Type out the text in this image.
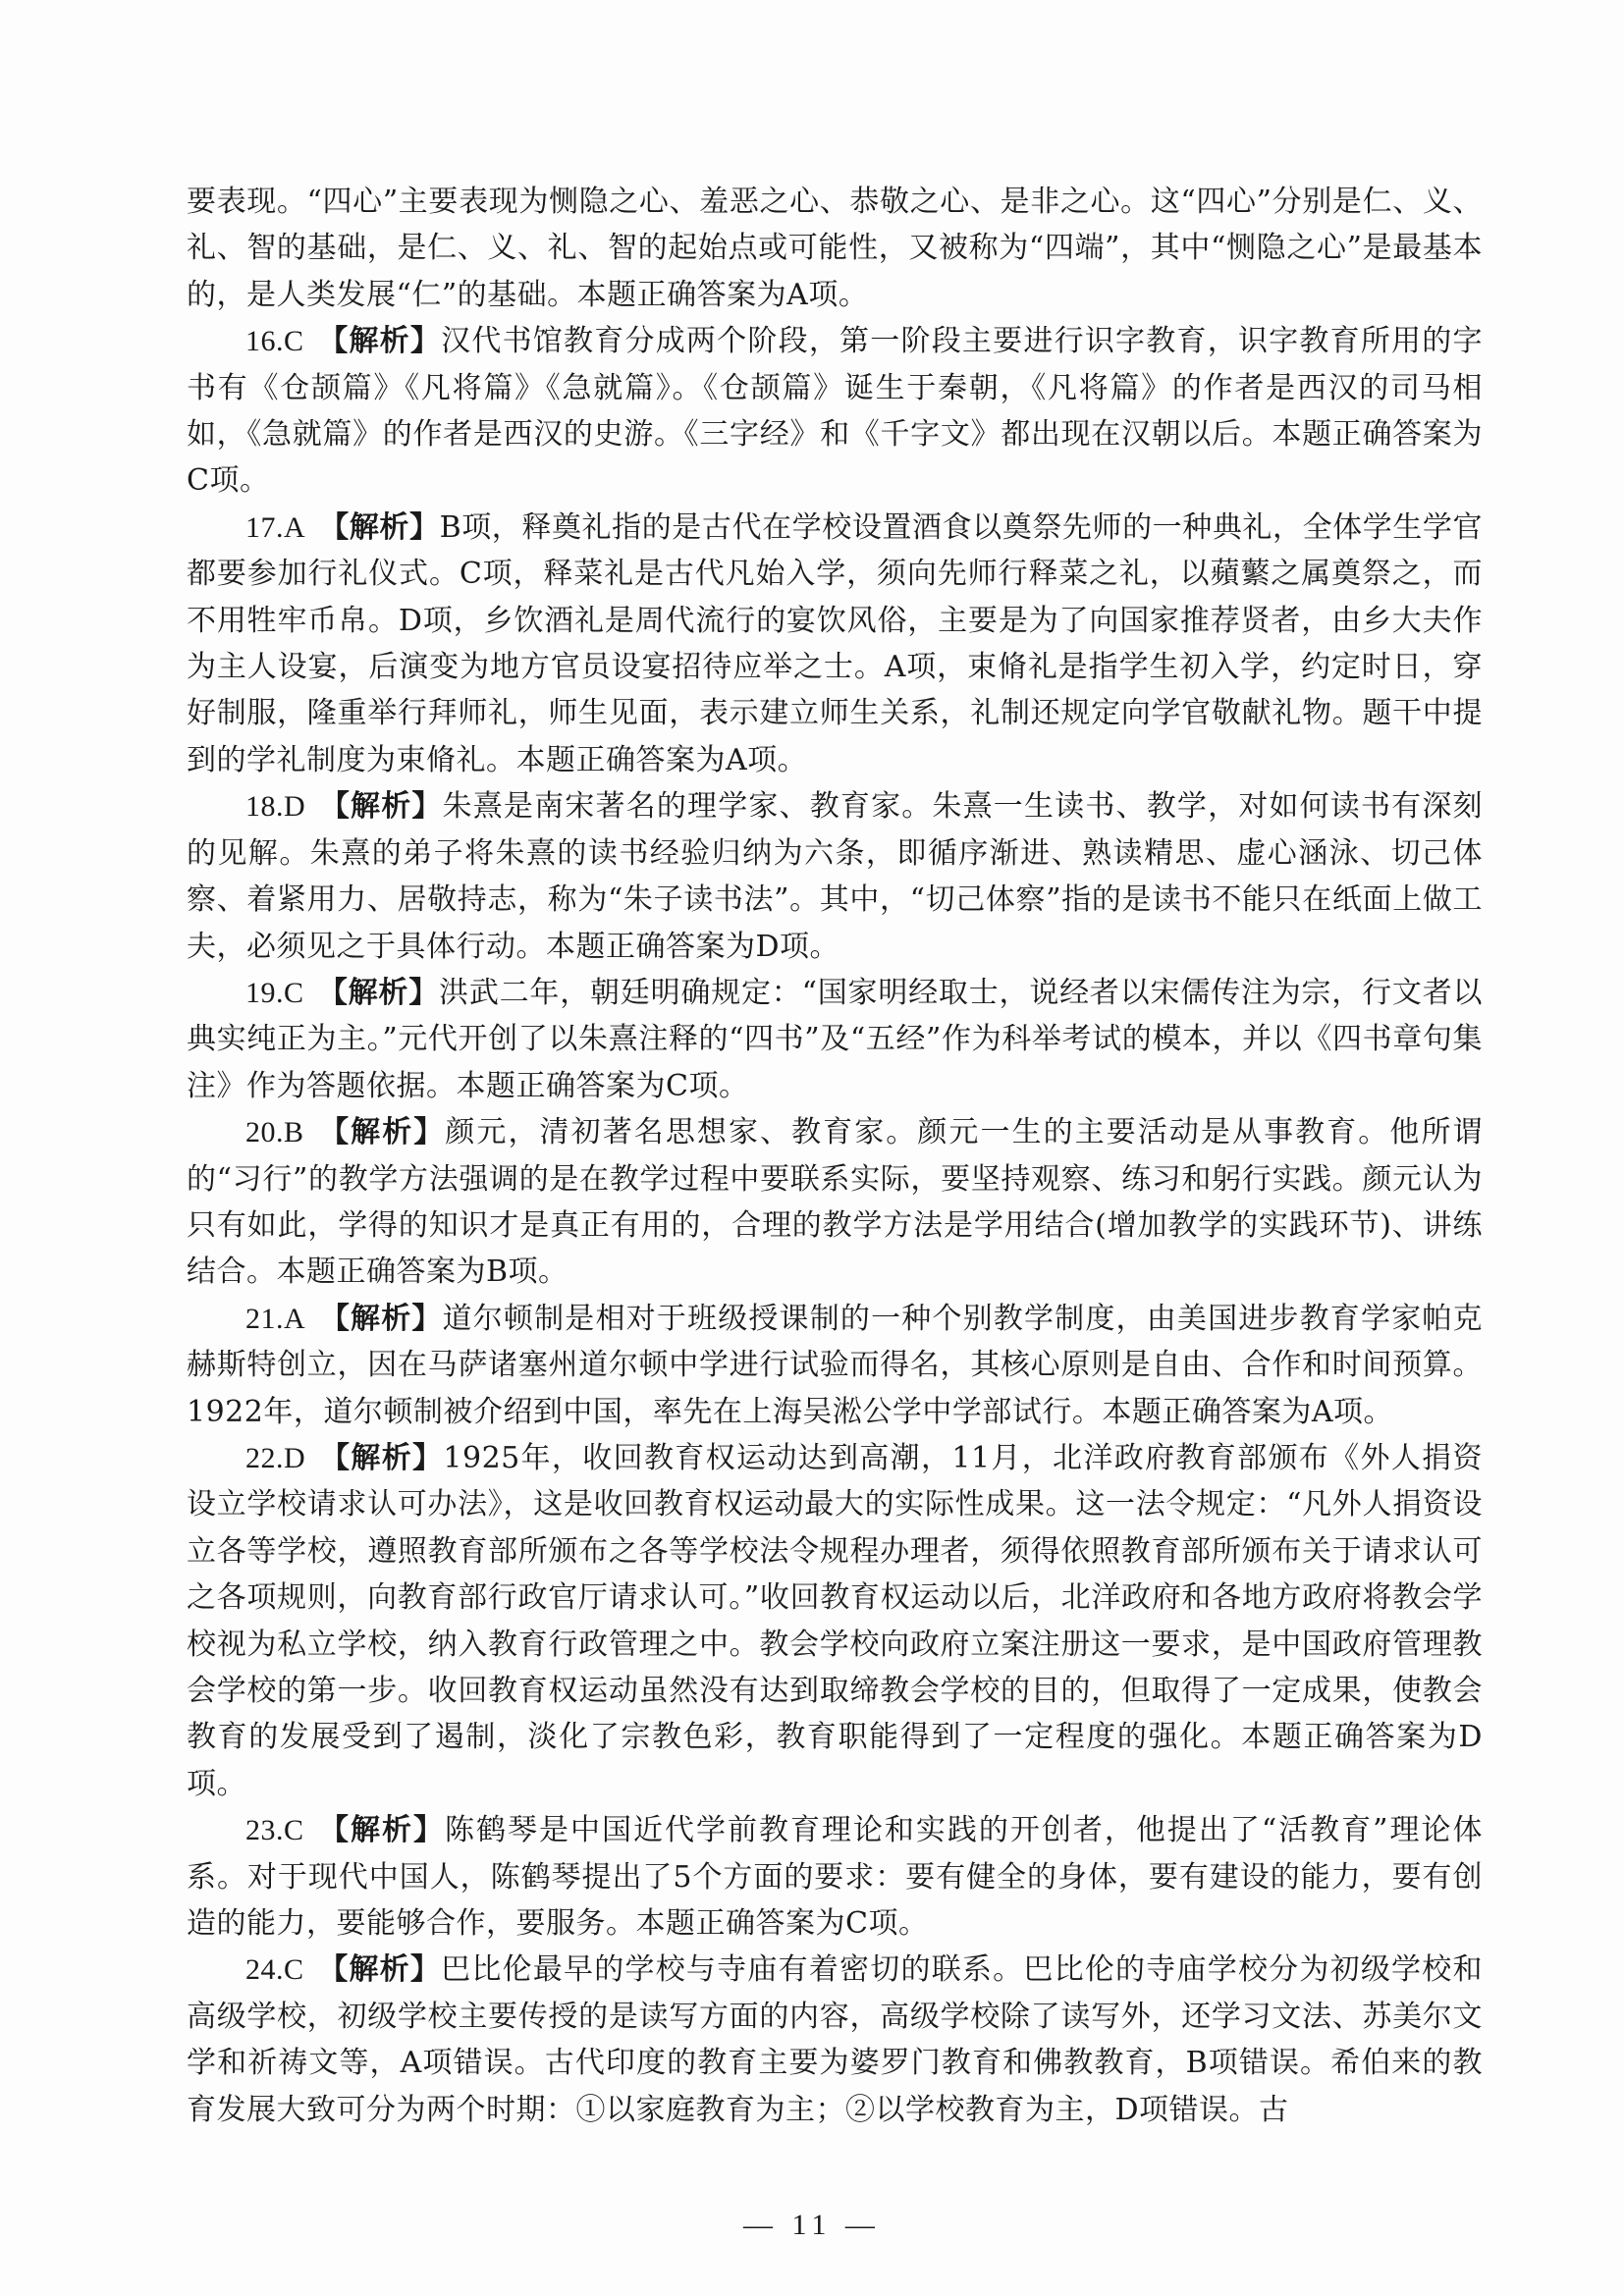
要表现。“四心”主要表现为恻隐之心、羞恶之心、恭敬之心、是非之心。这“四心”分别是仁、义、礼、智的基础，是仁、义、礼、智的起始点或可能性，又被称为“四端”，其中“恻隐之心”是最基本的，是人类发展“仁”的基础。本题正确答案为A项。

16.C 【解析】汉代书馆教育分成两个阶段，第一阶段主要进行识字教育，识字教育所用的字书有《仓颉篇》《凡将篇》《急就篇》。《仓颉篇》诞生于秦朝，《凡将篇》的作者是西汉的司马相如，《急就篇》的作者是西汉的史游。《三字经》和《千字文》都出现在汉朝以后。本题正确答案为C项。

17.A 【解析】B项，释奠礼指的是古代在学校设置酒食以奠祭先师的一种典礼，全体学生学官都要参加行礼仪式。C项，释菜礼是古代凡始入学，须向先师行释菜之礼，以蘋蘩之属奠祭之，而不用牲牢币帛。D项，乡饮酒礼是周代流行的宴饮风俗，主要是为了向国家推荐贤者，由乡大夫作为主人设宴，后演变为地方官员设宴招待应举之士。A项，束脩礼是指学生初入学，约定时日，穿好制服，隆重举行拜师礼，师生见面，表示建立师生关系，礼制还规定向学官敬献礼物。题干中提到的学礼制度为束脩礼。本题正确答案为A项。

18.D 【解析】朱熹是南宋著名的理学家、教育家。朱熹一生读书、教学，对如何读书有深刻的见解。朱熹的弟子将朱熹的读书经验归纳为六条，即循序渐进、熟读精思、虚心涵泳、切己体察、着紧用力、居敬持志，称为“朱子读书法”。其中，“切己体察”指的是读书不能只在纸面上做工夫，必须见之于具体行动。本题正确答案为D项。

19.C 【解析】洪武二年，朝廷明确规定：“国家明经取士，说经者以宋儒传注为宗，行文者以典实纯正为主。”元代开创了以朱熹注释的“四书”及“五经”作为科举考试的模本，并以《四书章句集注》作为答题依据。本题正确答案为C项。

20.B 【解析】颜元，清初著名思想家、教育家。颜元一生的主要活动是从事教育。他所谓的“习行”的教学方法强调的是在教学过程中要联系实际，要坚持观察、练习和躬行实践。颜元认为只有如此，学得的知识才是真正有用的，合理的教学方法是学用结合(增加教学的实践环节)、讲练结合。本题正确答案为B项。

21.A 【解析】道尔顿制是相对于班级授课制的一种个别教学制度，由美国进步教育学家帕克赫斯特创立，因在马萨诸塞州道尔顿中学进行试验而得名，其核心原则是自由、合作和时间预算。1922年，道尔顿制被介绍到中国，率先在上海吴淞公学中学部试行。本题正确答案为A项。

22.D 【解析】1925年，收回教育权运动达到高潮，11月，北洋政府教育部颁布《外人捐资设立学校请求认可办法》，这是收回教育权运动最大的实际性成果。这一法令规定：“凡外人捐资设立各等学校，遵照教育部所颁布之各等学校法令规程办理者，须得依照教育部所颁布关于请求认可之各项规则，向教育部行政官厅请求认可。”收回教育权运动以后，北洋政府和各地方政府将教会学校视为私立学校，纳入教育行政管理之中。教会学校向政府立案注册这一要求，是中国政府管理教会学校的第一步。收回教育权运动虽然没有达到取缔教会学校的目的，但取得了一定成果，使教会教育的发展受到了遏制，淡化了宗教色彩，教育职能得到了一定程度的强化。本题正确答案为D项。

23.C 【解析】陈鹤琴是中国近代学前教育理论和实践的开创者，他提出了“活教育”理论体系。对于现代中国人，陈鹤琴提出了5个方面的要求：要有健全的身体，要有建设的能力，要有创造的能力，要能够合作，要服务。本题正确答案为C项。

24.C 【解析】巴比伦最早的学校与寺庙有着密切的联系。巴比伦的寺庙学校分为初级学校和高级学校，初级学校主要传授的是读写方面的内容，高级学校除了读写外，还学习文法、苏美尔文学和祈祷文等，A项错误。古代印度的教育主要为婆罗门教育和佛教教育，B项错误。希伯来的教育发展大致可分为两个时期：①以家庭教育为主；②以学校教育为主，D项错误。古

— 11 —
